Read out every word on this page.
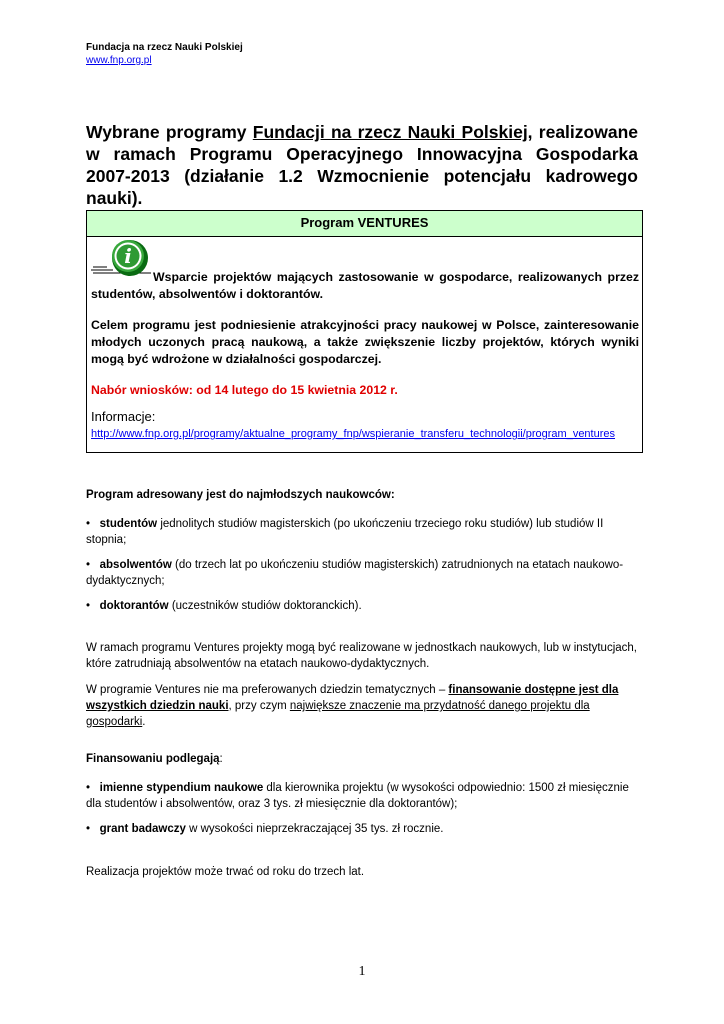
Fundacja na rzecz Nauki Polskiej
www.fnp.org.pl
Wybrane programy Fundacji na rzecz Nauki Polskiej, realizowane w ramach Programu Operacyjnego Innowacyjna Gospodarka 2007-2013 (działanie 1.2 Wzmocnienie potencjału kadrowego nauki).
Program VENTURES
i
Wsparcie projektów mających zastosowanie w gospodarce, realizowanych przez studentów, absolwentów i doktorantów.
Celem programu jest podniesienie atrakcyjności pracy naukowej w Polsce, zainteresowanie młodych uczonych pracą naukową, a także zwiększenie liczby projektów, których wyniki mogą być wdrożone w działalności gospodarczej.
Nabór wniosków: od 14 lutego do 15 kwietnia 2012 r.
Informacje:
http://www.fnp.org.pl/programy/aktualne_programy_fnp/wspieranie_transferu_technologii/program_ventures
Program adresowany jest do najmłodszych naukowców:
• studentów jednolitych studiów magisterskich (po ukończeniu trzeciego roku studiów) lub studiów II stopnia;
• absolwentów (do trzech lat po ukończeniu studiów magisterskich) zatrudnionych na etatach naukowo-dydaktycznych;
• doktorantów (uczestników studiów doktoranckich).
W ramach programu Ventures projekty mogą być realizowane w jednostkach naukowych, lub w instytucjach, które zatrudniają absolwentów na etatach naukowo-dydaktycznych.
W programie Ventures nie ma preferowanych dziedzin tematycznych – finansowanie dostępne jest dla wszystkich dziedzin nauki, przy czym największe znaczenie ma przydatność danego projektu dla gospodarki.
Finansowaniu podlegają:
• imienne stypendium naukowe dla kierownika projektu (w wysokości odpowiednio: 1500 zł miesięcznie dla studentów i absolwentów, oraz 3 tys. zł miesięcznie dla doktorantów);
• grant badawczy w wysokości nieprzekraczającej 35 tys. zł rocznie.
Realizacja projektów może trwać od roku do trzech lat.
1
